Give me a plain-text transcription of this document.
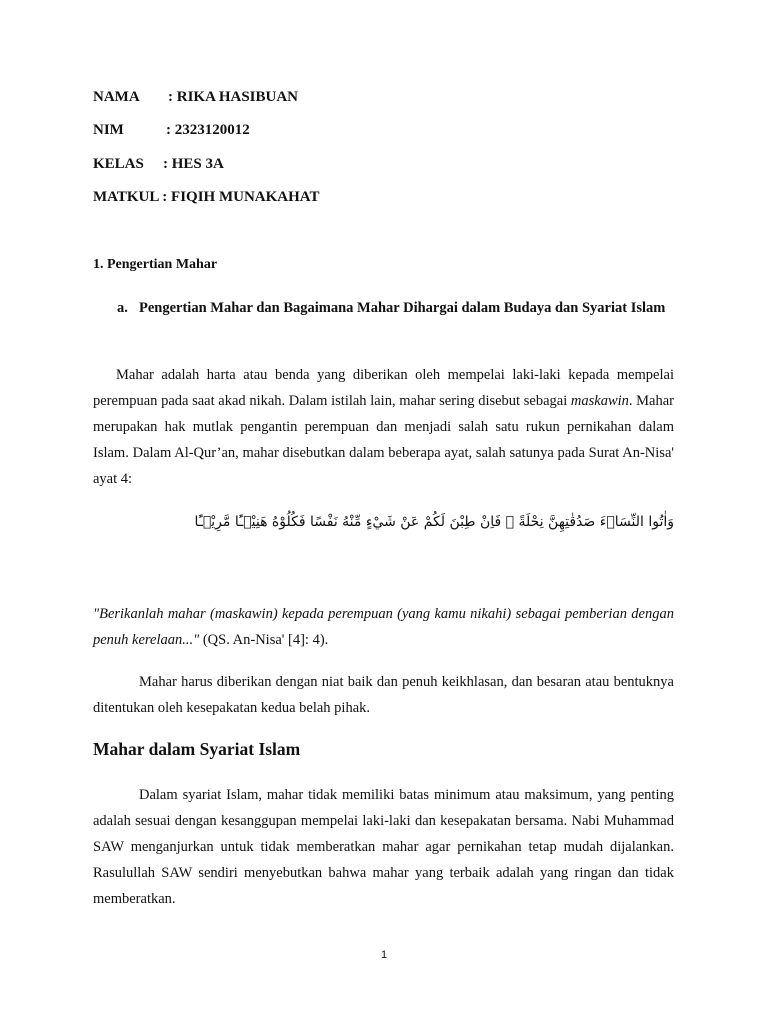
NAMA : RIKA HASIBUAN
NIM	: 2323120012
KELAS : HES 3A
MATKUL : FIQIH MUNAKAHAT
1. Pengertian Mahar
a. Pengertian Mahar dan Bagaimana Mahar Dihargai dalam Budaya dan Syariat Islam
Mahar adalah harta atau benda yang diberikan oleh mempelai laki-laki kepada mempelai perempuan pada saat akad nikah. Dalam istilah lain, mahar sering disebut sebagai maskawin. Mahar merupakan hak mutlak pengantin perempuan dan menjadi salah satu rukun pernikahan dalam Islam. Dalam Al-Qur’an, mahar disebutkan dalam beberapa ayat, salah satunya pada Surat An-Nisa' ayat 4:
وَاٰتُوا النِّسَاۤءَ صَدُقٰتِهِنَّ نِحْلَةً ۗ فَاِنْ طِبْنَ لَكُمْ عَنْ شَيْءٍ مِّنْهُ نَفْسًا فَكُلُوْهُ هَنِيْۤـًٔا مَّرِيْۤـًٔا
"Berikanlah mahar (maskawin) kepada perempuan (yang kamu nikahi) sebagai pemberian dengan penuh kerelaan..." (QS. An-Nisa' [4]: 4).
Mahar harus diberikan dengan niat baik dan penuh keikhlasan, dan besaran atau bentuknya ditentukan oleh kesepakatan kedua belah pihak.
Mahar dalam Syariat Islam
Dalam syariat Islam, mahar tidak memiliki batas minimum atau maksimum, yang penting adalah sesuai dengan kesanggupan mempelai laki-laki dan kesepakatan bersama. Nabi Muhammad SAW menganjurkan untuk tidak memberatkan mahar agar pernikahan tetap mudah dijalankan. Rasulullah SAW sendiri menyebutkan bahwa mahar yang terbaik adalah yang ringan dan tidak memberatkan.
1
